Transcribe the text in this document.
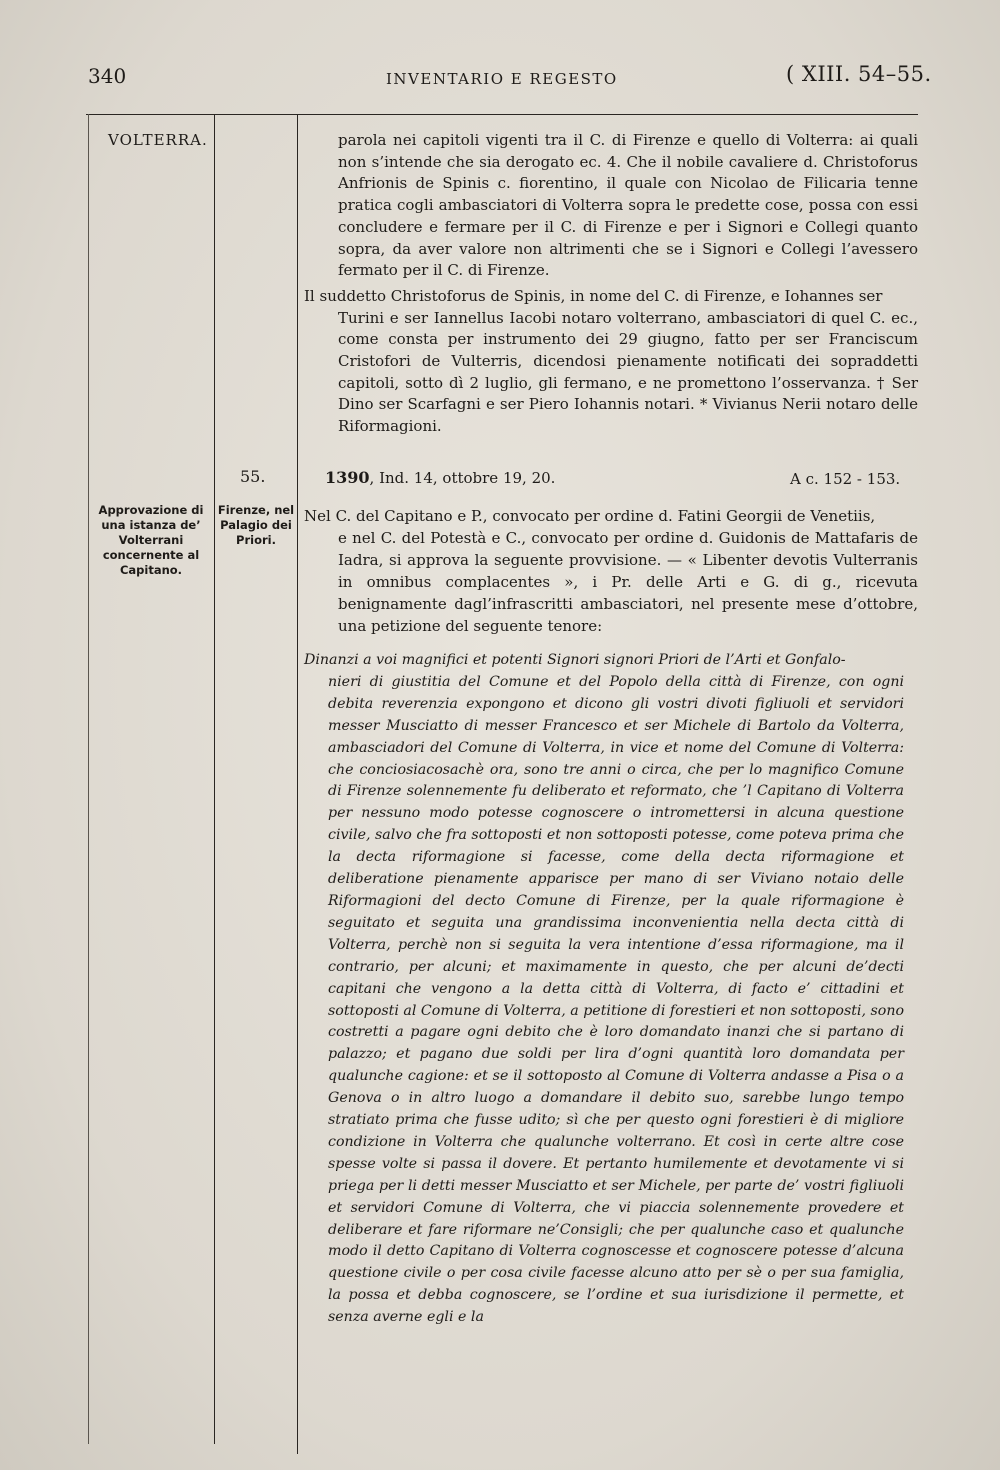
340	INVENTARIO E REGESTO	( XIII. 54–55.
VOLTERRA.
55.
Approvazione di una istanza de’ Volterrani concernente al Capitano.
Firenze, nel Palagio dei Priori.

parola nei capitoli vigenti tra il C. di Firenze e quello di Volterra: ai quali non s’intende che sia derogato ec. 4. Che il nobile cavaliere d. Christoforus Anfrionis de Spinis c. fiorentino, il quale con Nicolao de Filicaria tenne pratica cogli ambasciatori di Volterra sopra le predette cose, possa con essi concludere e fermare per il C. di Firenze e per i Signori e Collegi quanto sopra, da aver valore non altrimenti che se i Signori e Collegi l’avessero fermato per il C. di Firenze.

Il suddetto Christoforus de Spinis, in nome del C. di Firenze, e Iohannes ser
Turini e ser Iannellus Iacobi notaro volterrano, ambasciatori di quel C. ec., come consta per instrumento dei 29 giugno, fatto per ser Franciscum Cristofori de Vulterris, dicendosi pienamente notificati dei sopraddetti capitoli, sotto dì 2 luglio, gli fermano, e ne promettono l’osservanza. † Ser Dino ser Scarfagni e ser Piero Iohannis notari. * Vivianus Nerii notaro delle Riformagioni.

1390, Ind. 14, ottobre 19, 20.	A c. 152 - 153.
Nel C. del Capitano e P., convocato per ordine d. Fatini Georgii de Venetiis,
e nel C. del Potestà e C., convocato per ordine d. Guidonis de Mattafaris de Iadra, si approva la seguente provvisione. — « Libenter devotis Vulterranis in omnibus complacentes », i Pr. delle Arti e G. di g., ricevuta benignamente dagl’infrascritti ambasciatori, nel presente mese d’ottobre, una petizione del seguente tenore:
Dinanzi a voi magnifici et potenti Signori signori Priori de l’Arti et Gonfalo-
nieri di giustitia del Comune et del Popolo della città di Firenze, con ogni debita reverenzia expongono et dicono gli vostri divoti figliuoli et servidori messer Musciatto di messer Francesco et ser Michele di Bartolo da Volterra, ambasciadori del Comune di Volterra, in vice et nome del Comune di Volterra: che conciosiacosachè ora, sono tre anni o circa, che per lo magnifico Comune di Firenze solennemente fu deliberato et reformato, che ’l Capitano di Volterra per nessuno modo potesse cognoscere o intromettersi in alcuna questione civile, salvo che fra sottoposti et non sottoposti potesse, come poteva prima che la decta riformagione si facesse, come della decta riformagione et deliberatione pienamente apparisce per mano di ser Viviano notaio delle Riformagioni del decto Comune di Firenze, per la quale riformagione è seguitato et seguita una grandissima inconvenientia nella decta città di Volterra, perchè non si seguita la vera intentione d’essa riformagione, ma il contrario, per alcuni; et maximamente in questo, che per alcuni de’decti capitani che vengono a la detta città di Volterra, di facto e’ cittadini et sottoposti al Comune di Volterra, a petitione di forestieri et non sottoposti, sono costretti a pagare ogni debito che è loro domandato inanzi che si partano di palazzo; et pagano due soldi per lira d’ogni quantità loro domandata per qualunche cagione: et se il sottoposto al Comune di Volterra andasse a Pisa o a Genova o in altro luogo a domandare il debito suo, sarebbe lungo tempo stratiato prima che fusse udito; sì che per questo ogni forestieri è di migliore condizione in Volterra che qualunche volterrano. Et così in certe altre cose spesse volte si passa il dovere. Et pertanto humilemente et devotamente vi si priega per li detti messer Musciatto et ser Michele, per parte de’ vostri figliuoli et servidori Comune di Volterra, che vi piaccia solennemente provedere et deliberare et fare riformare ne’Consigli; che per qualunche caso et qualunche modo il detto Capitano di Volterra cognoscesse et cognoscere potesse d’alcuna questione civile o per cosa civile facesse alcuno atto per sè o per sua famiglia, la possa et debba cognoscere, se l’ordine et sua iurisdizione il permette, et senza averne egli e la
